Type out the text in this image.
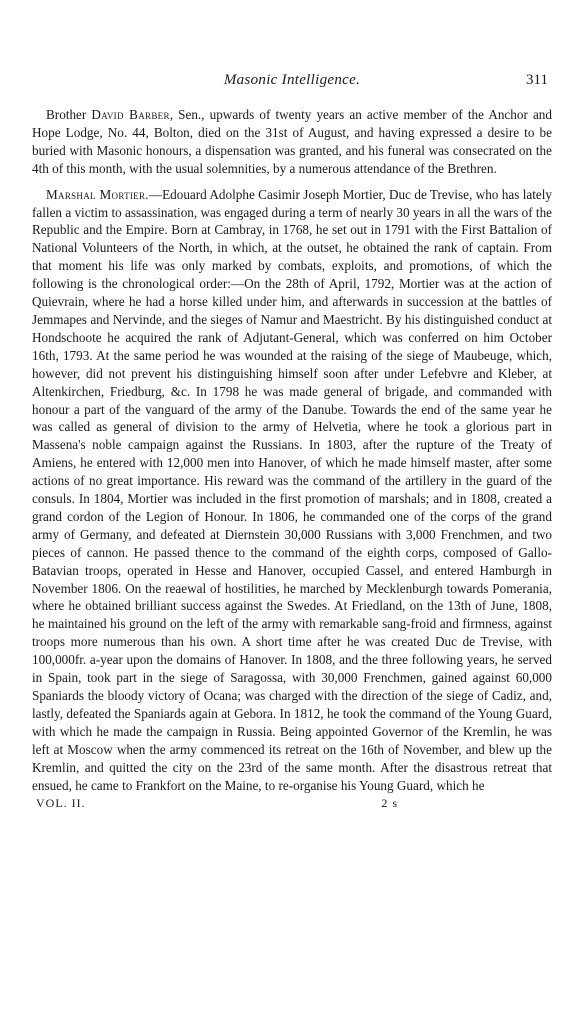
Masonic Intelligence.	311

Brother David Barber, Sen., upwards of twenty years an active member of the Anchor and Hope Lodge, No. 44, Bolton, died on the 31st of August, and having expressed a desire to be buried with Masonic honours, a dispensation was granted, and his funeral was consecrated on the 4th of this month, with the usual solemnities, by a numerous attendance of the Brethren.

Marshal Mortier.—Edouard Adolphe Casimir Joseph Mortier, Duc de Trevise, who has lately fallen a victim to assassination, was engaged during a term of nearly 30 years in all the wars of the Republic and the Empire. Born at Cambray, in 1768, he set out in 1791 with the First Battalion of National Volunteers of the North, in which, at the outset, he obtained the rank of captain. From that moment his life was only marked by combats, exploits, and promotions, of which the following is the chronological order:—On the 28th of April, 1792, Mortier was at the action of Quievrain, where he had a horse killed under him, and afterwards in succession at the battles of Jemmapes and Nervinde, and the sieges of Namur and Maestricht. By his distinguished conduct at Hondschoote he acquired the rank of Adjutant-General, which was conferred on him October 16th, 1793. At the same period he was wounded at the raising of the siege of Maubeuge, which, however, did not prevent his distinguishing himself soon after under Lefebvre and Kleber, at Altenkirchen, Friedburg, &c. In 1798 he was made general of brigade, and commanded with honour a part of the vanguard of the army of the Danube. Towards the end of the same year he was called as general of division to the army of Helvetia, where he took a glorious part in Massena's noble campaign against the Russians. In 1803, after the rupture of the Treaty of Amiens, he entered with 12,000 men into Hanover, of which he made himself master, after some actions of no great importance. His reward was the command of the artillery in the guard of the consuls. In 1804, Mortier was included in the first promotion of marshals; and in 1808, created a grand cordon of the Legion of Honour. In 1806, he commanded one of the corps of the grand army of Germany, and defeated at Diernstein 30,000 Russians with 3,000 Frenchmen, and two pieces of cannon. He passed thence to the command of the eighth corps, composed of Gallo-Batavian troops, operated in Hesse and Hanover, occupied Cassel, and entered Hamburgh in November 1806. On the reaewal of hostilities, he marched by Mecklenburgh towards Pomerania, where he obtained brilliant success against the Swedes. At Friedland, on the 13th of June, 1808, he maintained his ground on the left of the army with remarkable sang-froid and firmness, against troops more numerous than his own. A short time after he was created Duc de Trevise, with 100,000fr. a-year upon the domains of Hanover. In 1808, and the three following years, he served in Spain, took part in the siege of Saragossa, with 30,000 Frenchmen, gained against 60,000 Spaniards the bloody victory of Ocana; was charged with the direction of the siege of Cadiz, and, lastly, defeated the Spaniards again at Gebora. In 1812, he took the command of the Young Guard, with which he made the campaign in Russia. Being appointed Governor of the Kremlin, he was left at Moscow when the army commenced its retreat on the 16th of November, and blew up the Kremlin, and quitted the city on the 23rd of the same month. After the disastrous retreat that ensued, he came to Frankfort on the Maine, to re-organise his Young Guard, which he

VOL. II.	2 s
